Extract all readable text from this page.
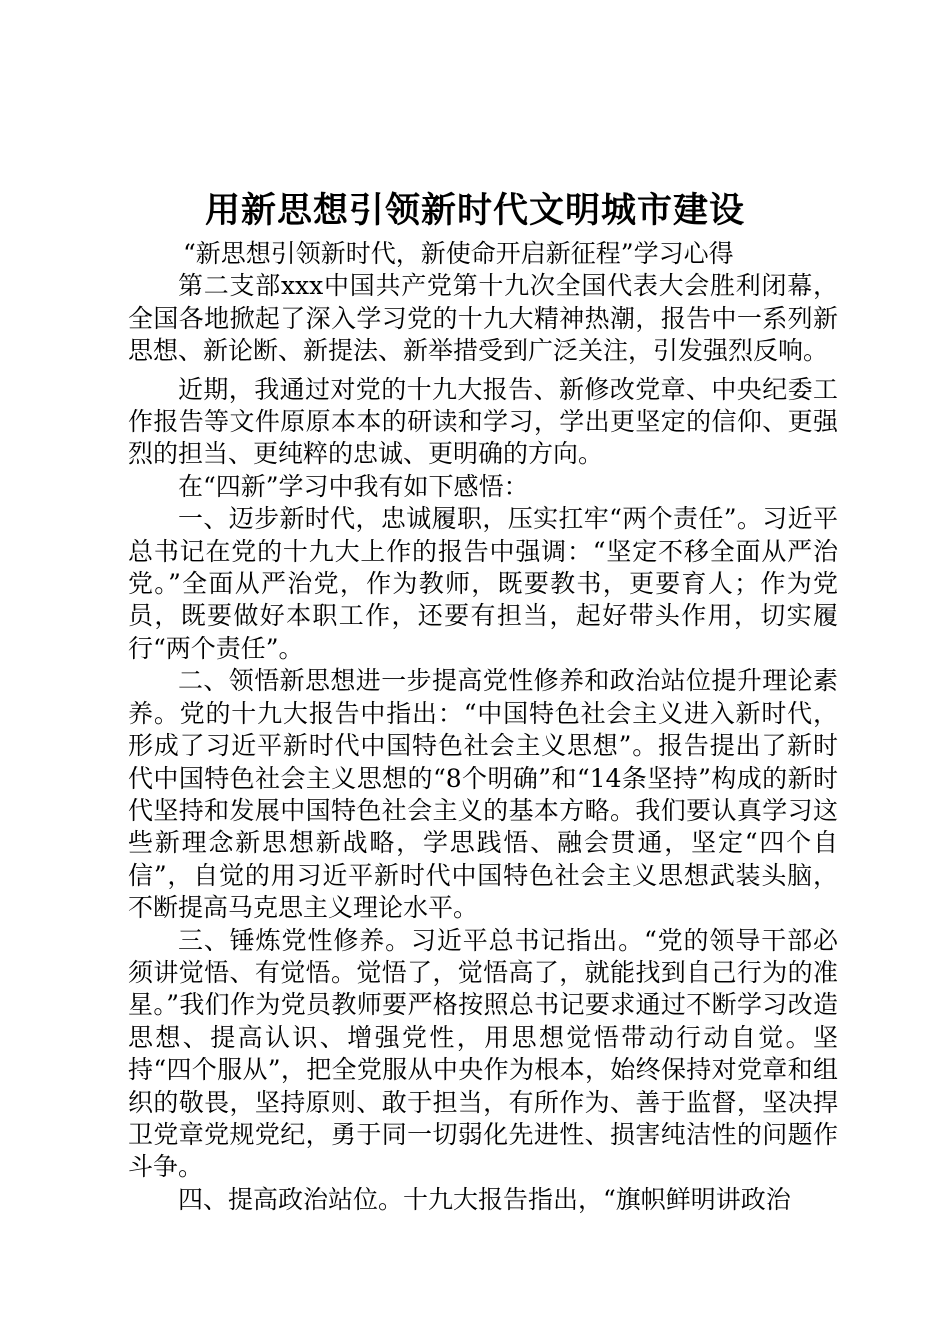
用新思想引领新时代文明城市建设

“新思想引领新时代，新使命开启新征程”学习心得

第二支部xxx中国共产党第十九次全国代表大会胜利闭幕，全国各地掀起了深入学习党的十九大精神热潮，报告中一系列新思想、新论断、新提法、新举措受到广泛关注，引发强烈反响。

近期，我通过对党的十九大报告、新修改党章、中央纪委工作报告等文件原原本本的研读和学习，学出更坚定的信仰、更强烈的担当、更纯粹的忠诚、更明确的方向。

在“四新”学习中我有如下感悟：

一、迈步新时代，忠诚履职，压实扛牢“两个责任”。习近平总书记在党的十九大上作的报告中强调：“坚定不移全面从严治党。”全面从严治党，作为教师，既要教书，更要育人；作为党员，既要做好本职工作，还要有担当，起好带头作用，切实履行“两个责任”。

二、领悟新思想进一步提高党性修养和政治站位提升理论素养。党的十九大报告中指出：“中国特色社会主义进入新时代，形成了习近平新时代中国特色社会主义思想”。报告提出了新时代中国特色社会主义思想的“8个明确”和“14条坚持”构成的新时代坚持和发展中国特色社会主义的基本方略。我们要认真学习这些新理念新思想新战略，学思践悟、融会贯通，坚定“四个自信”，自觉的用习近平新时代中国特色社会主义思想武装头脑，不断提高马克思主义理论水平。

三、锤炼党性修养。习近平总书记指出。“党的领导干部必须讲觉悟、有觉悟。觉悟了，觉悟高了，就能找到自己行为的准星。”我们作为党员教师要严格按照总书记要求通过不断学习改造思想、提高认识、增强党性，用思想觉悟带动行动自觉。坚持“四个服从”，把全党服从中央作为根本，始终保持对党章和组织的敬畏，坚持原则、敢于担当，有所作为、善于监督，坚决捍卫党章党规党纪，勇于同一切弱化先进性、损害纯洁性的问题作斗争。

四、提高政治站位。十九大报告指出，“旗帜鲜明讲政治
